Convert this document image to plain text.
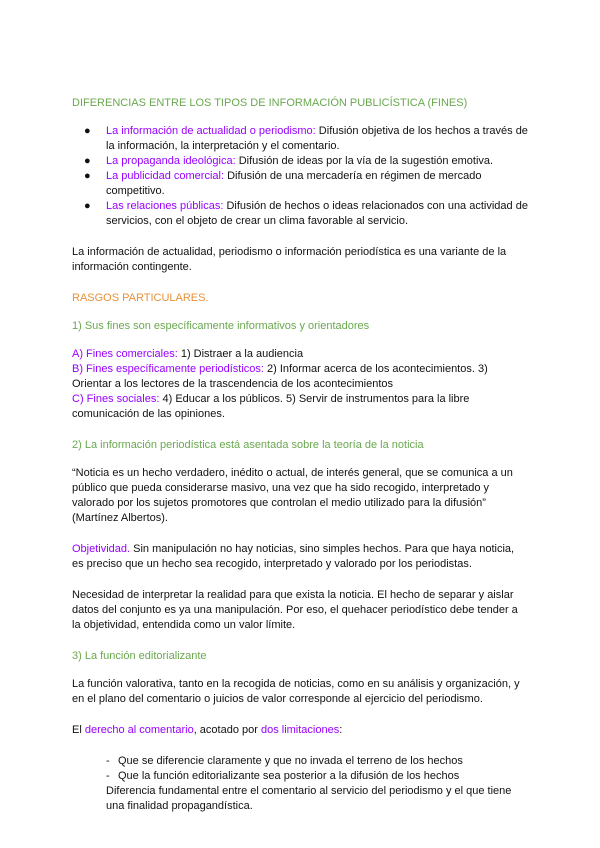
DIFERENCIAS ENTRE LOS TIPOS DE INFORMACIÓN PUBLICÍSTICA (FINES)
● La información de actualidad o periodismo: Difusión objetiva de los hechos a través de la información, la interpretación y el comentario.
● La propaganda ideológica: Difusión de ideas por la vía de la sugestión emotiva.
● La publicidad comercial: Difusión de una mercadería en régimen de mercado competitivo.
● Las relaciones públicas: Difusión de hechos o ideas relacionados con una actividad de servicios, con el objeto de crear un clima favorable al servicio.

La información de actualidad, periodismo o información periodística es una variante de la información contingente.

RASGOS PARTICULARES.
1) Sus fines son específicamente informativos y orientadores
A) Fines comerciales: 1) Distraer a la audiencia
B) Fines específicamente periodísticos: 2) Informar acerca de los acontecimientos. 3) Orientar a los lectores de la trascendencia de los acontecimientos
C) Fines sociales: 4) Educar a los públicos. 5) Servir de instrumentos para la libre comunicación de las opiniones.
2) La información periodística está asentada sobre la teoría de la noticia

“Noticia es un hecho verdadero, inédito o actual, de interés general, que se comunica a un público que pueda considerarse masivo, una vez que ha sido recogido, interpretado y valorado por los sujetos promotores que controlan el medio utilizado para la difusión” (Martínez Albertos).

Objetividad. Sin manipulación no hay noticias, sino simples hechos. Para que haya noticia, es preciso que un hecho sea recogido, interpretado y valorado por los periodistas.

Necesidad de interpretar la realidad para que exista la noticia. El hecho de separar y aislar datos del conjunto es ya una manipulación. Por eso, el quehacer periodístico debe tender a la objetividad, entendida como un valor límite.

3) La función editorializante

La función valorativa, tanto en la recogida de noticias, como en su análisis y organización, y en el plano del comentario o juicios de valor corresponde al ejercicio del periodismo.

El derecho al comentario, acotado por dos limitaciones:

- Que se diferencie claramente y que no invada el terreno de los hechos
- Que la función editorializante sea posterior a la difusión de los hechos
Diferencia fundamental entre el comentario al servicio del periodismo y el que tiene una finalidad propagandística.
